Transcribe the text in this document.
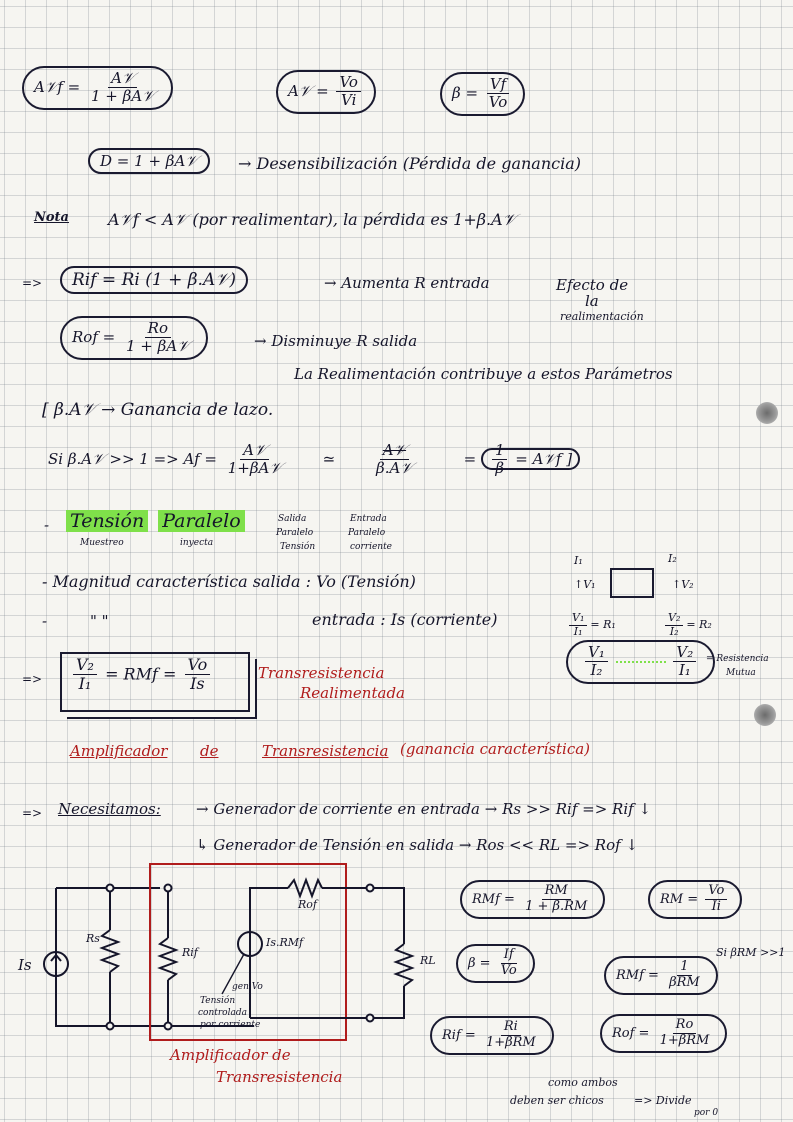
A𝒱f = $\frac{\text{A𝒱}}{\text{1 + βA𝒱}}$	A𝒱 = $\frac{Vo}{Vi}$	$\beta = \frac{Vf}{Vo}$
D = 1 + βA𝒱	→ Desensibilización (Pérdida de ganancia)
Nota A𝒱f < A𝒱 (por realimentar), la pérdida es 1+β.A𝒱
=>	Rif = Ri (1 + β.A𝒱)	→ Aumenta R entrada
Rof = $\frac{Ro}{\text{1 + βA𝒱}}$	→ Disminuye R salida
Efecto de
la
realimentación
La Realimentación contribuye a estos Parámetros
[ β.A𝒱 → Ganancia de lazo.
Si β.A𝒱 >> $1 => Af = \frac{\text{A𝒱}}{\text{1+βA𝒱}}$	≃	$\frac{\text{A𝒱}}{\text{β.A𝒱}}$	= $\frac{1}{\beta}$ = A𝒱f ]
- Tensión Paralelo
Muestreo	inyecta
Salida
Paralelo
Tensión
Entrada
Paralelo
corriente
- Magnitud característica salida : Vo (Tensión)
-	" "	entrada : Is (corriente)
I₁	I₂
↑V₁	↑V₂
$\frac{\text{V₁}}{\text{I₁}} = R_1$	$\frac{\text{V₂}}{\text{I₂}} = R_2$
$\frac{\text{V₁}}{\text{I₂}}$
	$\frac{\text{V₂}}{\text{I₁}}$ = Resistencia
Mutua
=> $\frac{\text{V₂}}{\text{I₁}}$ = RMf = $\frac{Vo}{Is}$	Transresistencia
Realimentada
Amplificador de	Transresistencia (ganancia característica)
=> Necesitamos: → Generador de corriente en entrada → Rs >> Rif => Rif ↓
↳ Generador de Tensión en salida → Ros << RL => Rof ↓
Is
Rs
Rif
Rof
Is.RMf
RL
gen Vo
Tensión
controlada
por corriente
Amplificador de
Transresistencia
RMf = $\frac{RM}{1 + \beta.RM}$	RM = $\frac{Vo}{Ii}$
$\beta = \frac{If}{Vo}$	Si βRM >>1
RMf = $\frac{1}{\text{βRM}}$
Rif = $\frac{Ri}{\text{1+βRM}}$	Rof = $\frac{Ro}{\text{1+βRM}}$
como ambos
deben ser chicos	=> Divide
por 0
